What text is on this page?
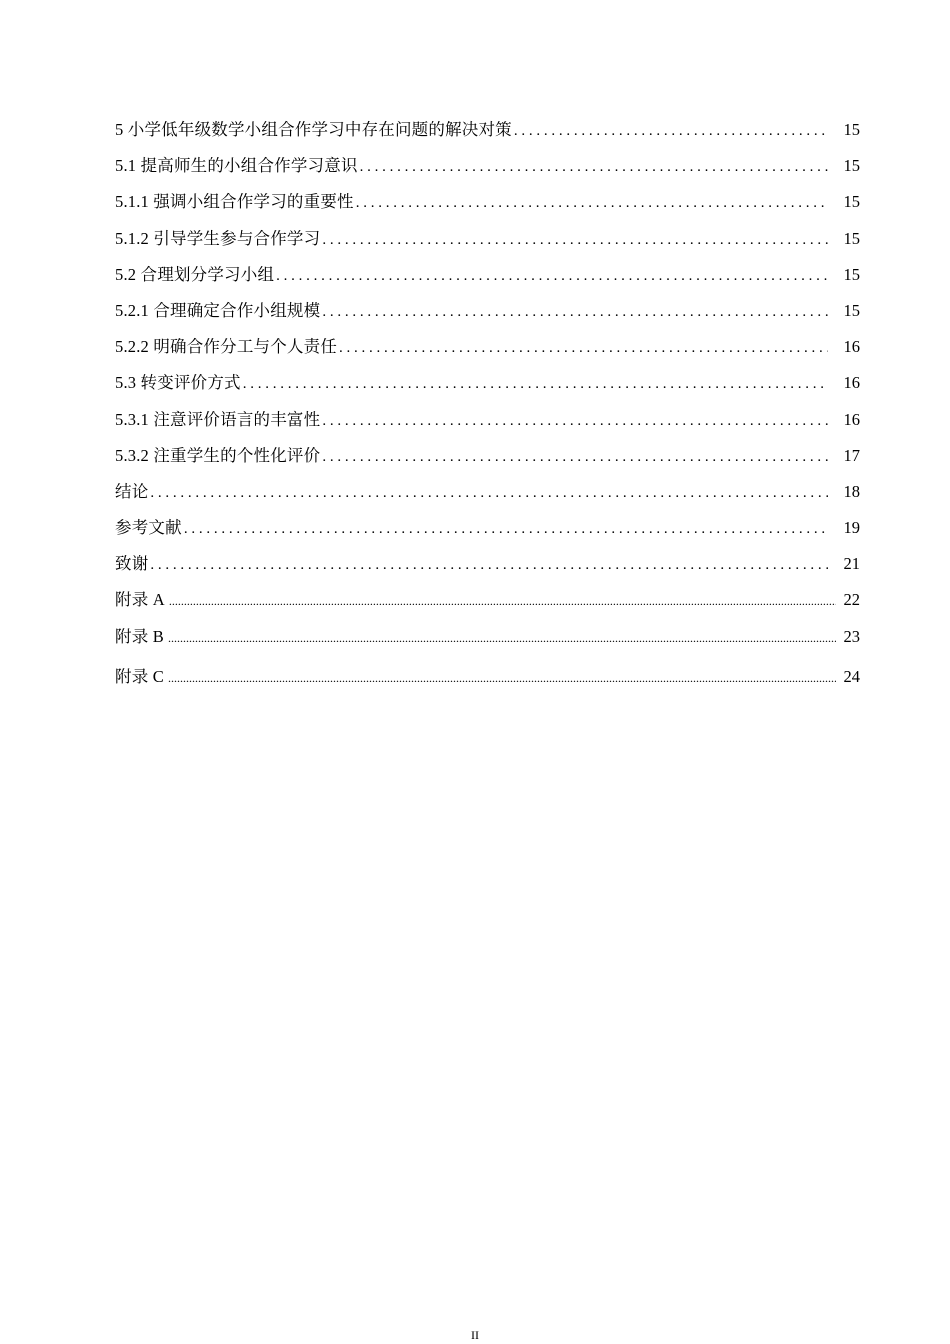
5 小学低年级数学小组合作学习中存在问题的解决对策 . . .	15
5.1 提高师生的小组合作学习意识 . . .	15
5.1.1 强调小组合作学习的重要性 . . .	15
5.1.2 引导学生参与合作学习 . . .	15
5.2 合理划分学习小组 . . .	15
5.2.1 合理确定合作小组规模 . . .	15
5.2.2 明确合作分工与个人责任 . . .	16
5.3 转变评价方式 . . .	16
5.3.1 注意评价语言的丰富性 . . .	16
5.3.2 注重学生的个性化评价 . . .	17
结论 . . .	18
参考文献 . . .	19
致谢 . . .	21
附录 A .....	22
附录 B .....	23
附录 C .....	24
II
